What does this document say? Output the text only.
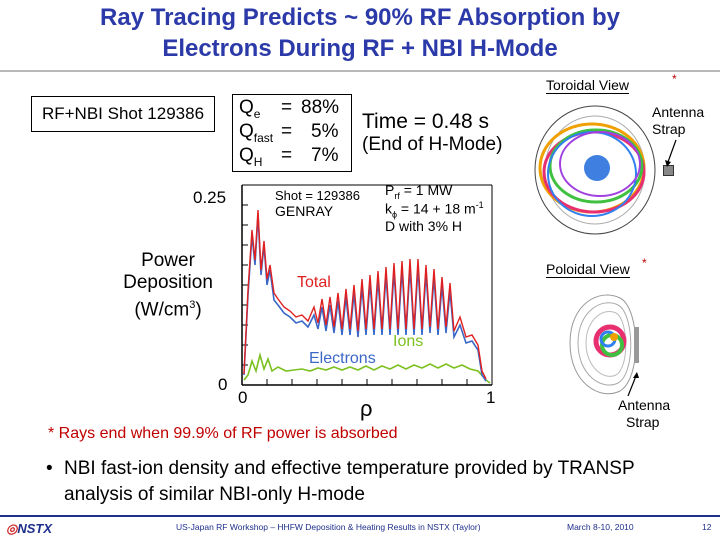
Ray Tracing Predicts ~ 90% RF Absorption by
Electrons During RF + NBI H-Mode
Shot = 129386
GENRAY
$P_{rf} = 1$ MW
$k_\phi = 14 + 18$ $m^{-1}$
D with 3% H
0.25
0
0	1
ρ
Power
Deposition
$(W/cm^3)$
Total
Ions
Electrons
RF+NBI Shot 129386	$Q_e = 88\%$
$Q_{fast} = 5\%$
$Q_H = 7\%$
Time = 0.48 s
(End of H-Mode)
Toroidal View	*
Antenna
Strap
Poloidal View *
Antenna
Strap
* Rays end when 99.9% of RF power is absorbed
• NBI fast-ion density and effective temperature provided by TRANSP analysis of similar NBI-only H-mode
◎NSTX	US-Japan RF Workshop – HHFW Deposition & Heating Results in NSTX (Taylor)	March 8-10, 2010	12
